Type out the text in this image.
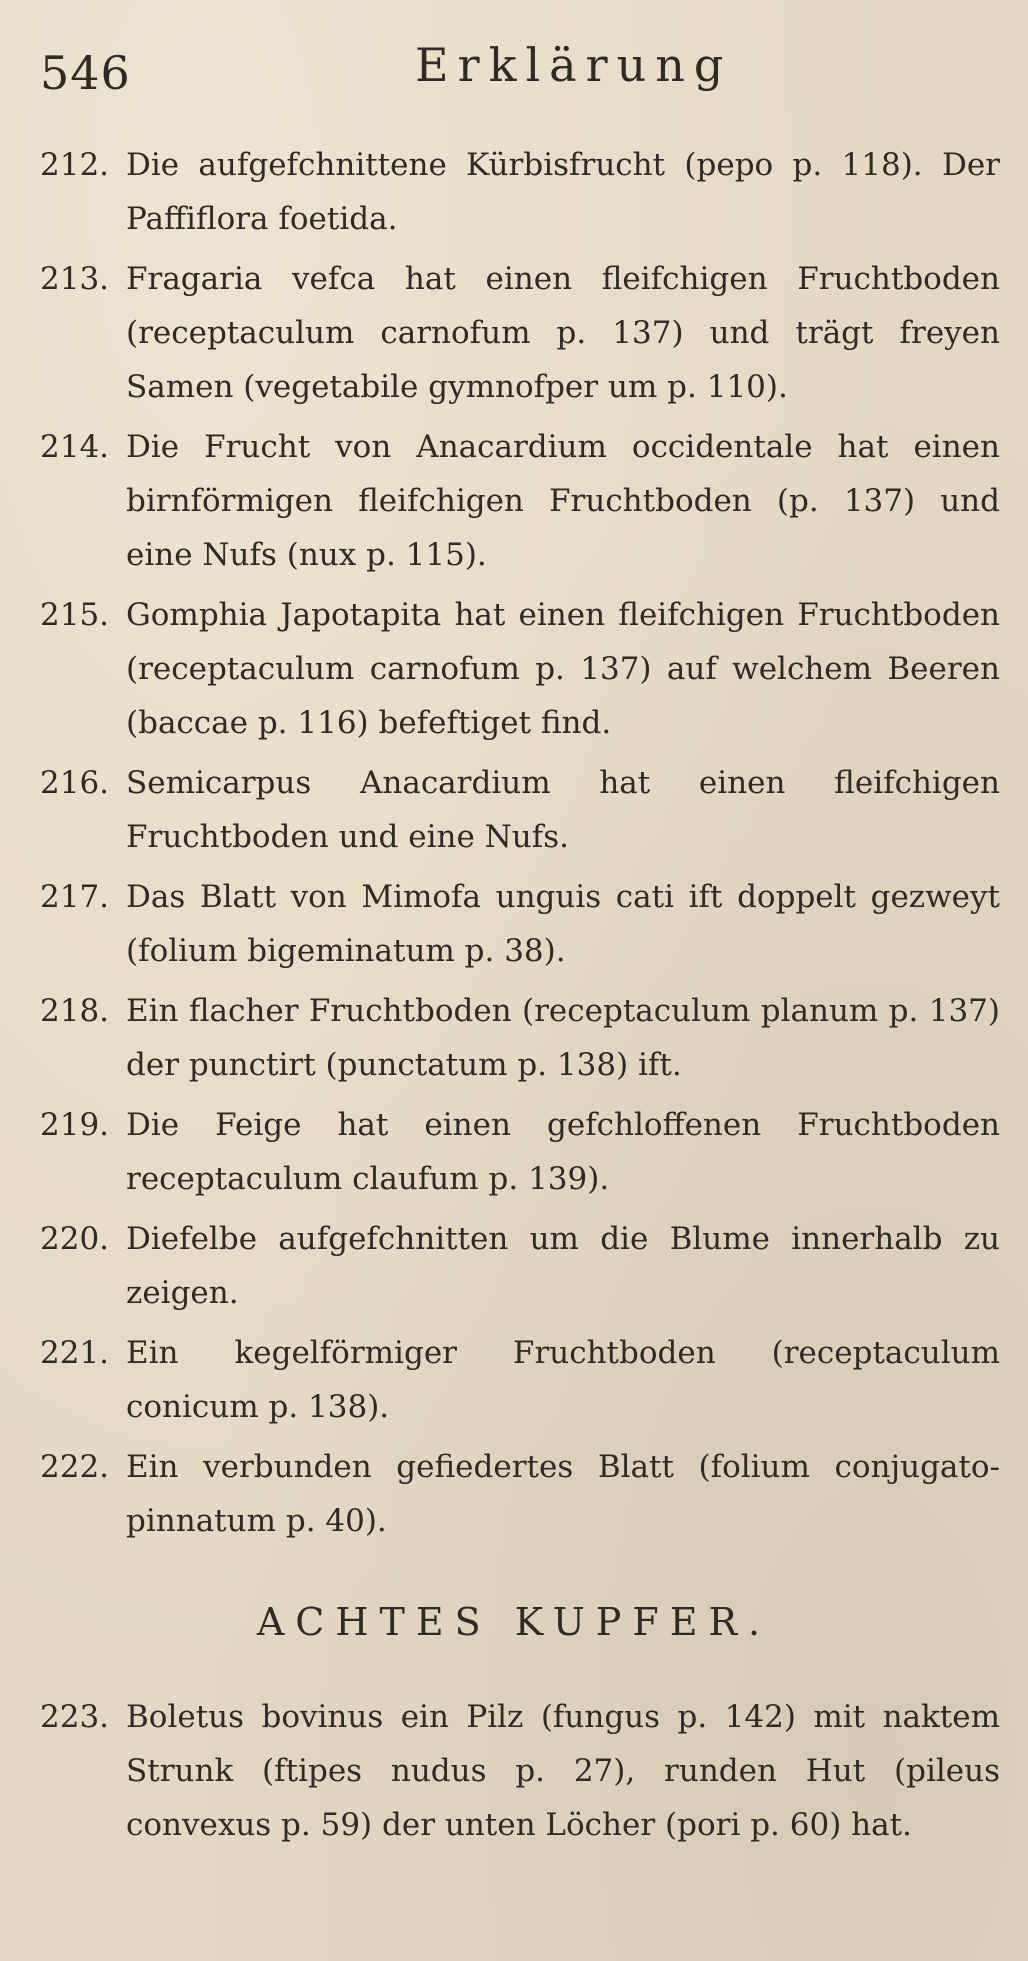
546	Erklärung
212. Die aufgefchnittene Kürbisfrucht (pepo p. 118). Der Paffiflora foetida.
213. Fragaria vefca hat einen fleifchigen Fruchtboden (receptaculum carnofum p. 137) und trägt freyen Samen (vegetabile gymnofper um p. 110).
214. Die Frucht von Anacardium occidentale hat einen birnförmigen fleifchigen Fruchtboden (p. 137) und eine Nufs (nux p. 115).
215. Gomphia Japotapita hat einen fleifchigen Fruchtboden (receptaculum carnofum p. 137) auf welchem Beeren (baccae p. 116) befeftiget find.
216. Semicarpus Anacardium hat einen fleifchigen Fruchtboden und eine Nufs.
217. Das Blatt von Mimofa unguis cati ift doppelt gezweyt (folium bigeminatum p. 38).
218. Ein flacher Fruchtboden (receptaculum planum p. 137) der punctirt (punctatum p. 138) ift.
219. Die Feige hat einen gefchloffenen Fruchtboden receptaculum claufum p. 139).
220. Diefelbe aufgefchnitten um die Blume innerhalb zu zeigen.
221. Ein kegelförmiger Fruchtboden (receptaculum conicum p. 138).
222. Ein verbunden gefiedertes Blatt (folium conjugato-pinnatum p. 40).
ACHTES KUPFER.
223. Boletus bovinus ein Pilz (fungus p. 142) mit naktem Strunk (ftipes nudus p. 27), runden Hut (pileus convexus p. 59) der unten Löcher (pori p. 60) hat.
